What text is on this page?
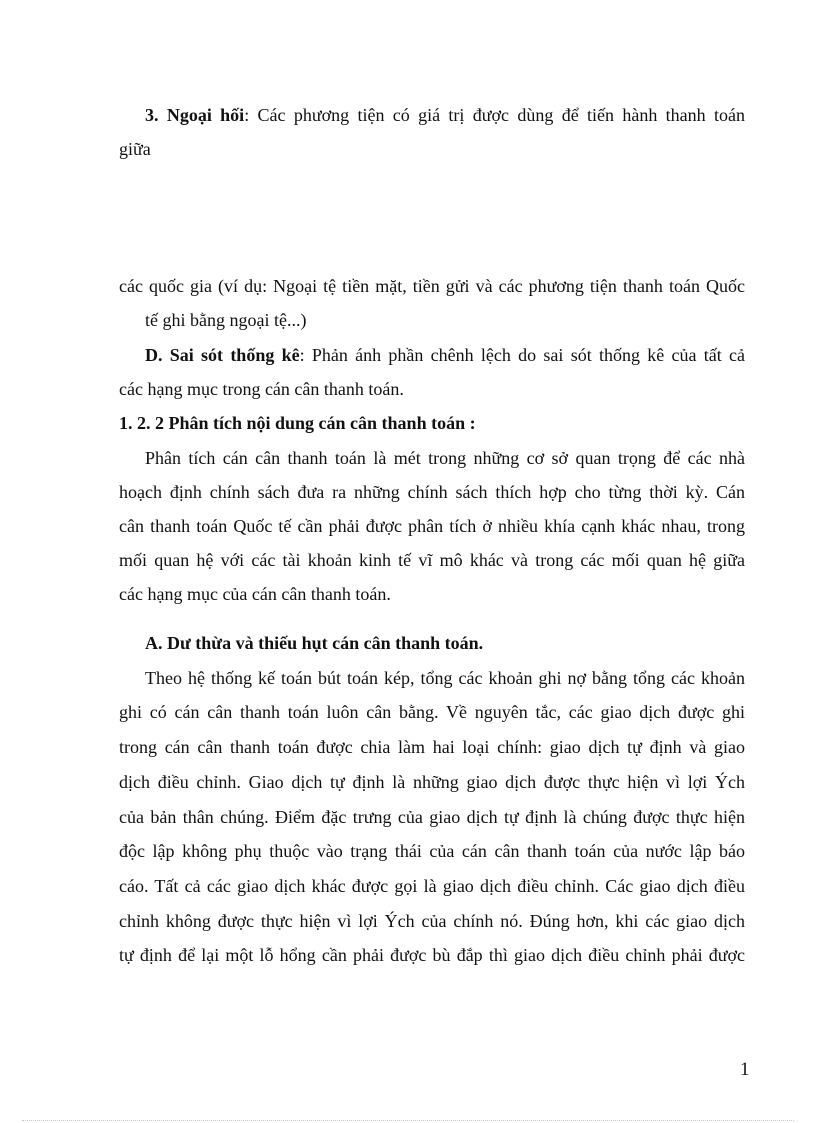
3. Ngoại hối: Các phương tiện có giá trị được dùng để tiến hành thanh toán
giữa
các quốc gia (ví dụ: Ngoại tệ tiền mặt, tiền gửi và các phương tiện thanh toán Quốc
tế ghi bằng ngoại tệ...)
D. Sai sót thống kê: Phản ánh phần chênh lệch do sai sót thống kê của tất cả
các hạng mục trong cán cân thanh toán.
1. 2. 2 Phân tích nội dung cán cân thanh toán :
Phân tích cán cân thanh toán là mét trong những cơ sở quan trọng để các nhà
hoạch định chính sách đưa ra những chính sách thích hợp cho từng thời kỳ. Cán
cân thanh toán Quốc tế cần phải được phân tích ở nhiều khía cạnh khác nhau, trong
mối quan hệ với các tài khoản kinh tế vĩ mô khác và trong các mối quan hệ giữa
các hạng mục của cán cân thanh toán.
A. Dư thừa và thiếu hụt cán cân thanh toán.
Theo hệ thống kế toán bút toán kép, tổng các khoản ghi nợ bằng tổng các khoản
ghi có cán cân thanh toán luôn cân bằng. Về nguyên tắc, các giao dịch được ghi
trong cán cân thanh toán được chia làm hai loại chính: giao dịch tự định và giao
dịch điều chỉnh. Giao dịch tự định là những giao dịch được thực hiện vì lợi Ých
của bản thân chúng. Điểm đặc trưng của giao dịch tự định là chúng được thực hiện
độc lập không phụ thuộc vào trạng thái của cán cân thanh toán của nước lập báo
cáo. Tất cả các giao dịch khác được gọi là giao dịch điều chỉnh. Các giao dịch điều
chỉnh không được thực hiện vì lợi Ých của chính nó. Đúng hơn, khi các giao dịch
tự định để lại một lỗ hổng cần phải được bù đắp thì giao dịch điều chỉnh phải được
1
